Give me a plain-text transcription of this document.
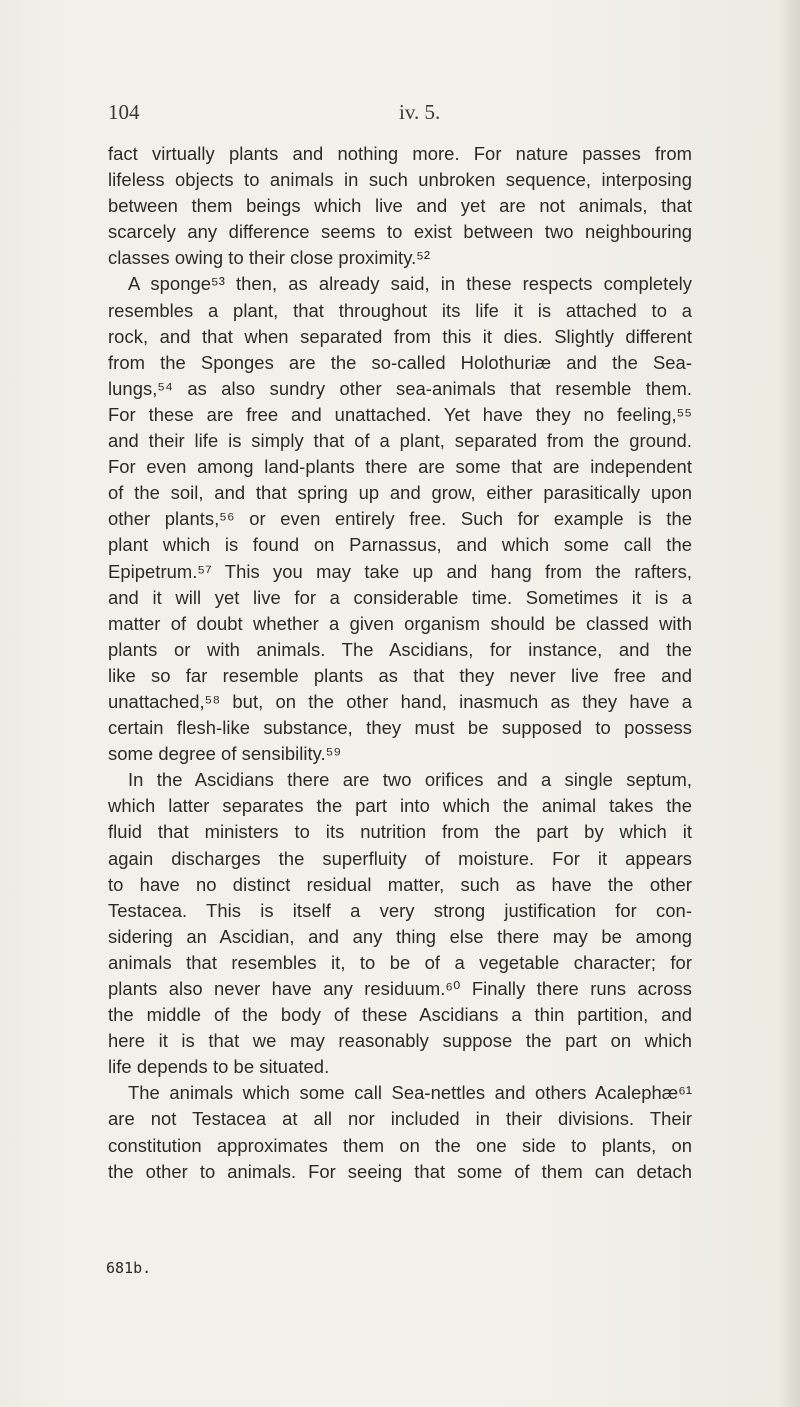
104	iv. 5.
fact virtually plants and nothing more. For nature passes from
lifeless objects to animals in such unbroken sequence, interposing
between them beings which live and yet are not animals, that
scarcely any difference seems to exist between two neighbouring
classes owing to their close proximity.⁵²
A sponge⁵³ then, as already said, in these respects completely
resembles a plant, that throughout its life it is attached to a
rock, and that when separated from this it dies. Slightly different
from the Sponges are the so-called Holothuriæ and the Sea-
lungs,⁵⁴ as also sundry other sea-animals that resemble them.
For these are free and unattached. Yet have they no feeling,⁵⁵
and their life is simply that of a plant, separated from the ground.
For even among land-plants there are some that are independent
of the soil, and that spring up and grow, either parasitically upon
other plants,⁵⁶ or even entirely free. Such for example is the
plant which is found on Parnassus, and which some call the
Epipetrum.⁵⁷ This you may take up and hang from the rafters,
and it will yet live for a considerable time. Sometimes it is a
matter of doubt whether a given organism should be classed with
plants or with animals. The Ascidians, for instance, and the
like so far resemble plants as that they never live free and
unattached,⁵⁸ but, on the other hand, inasmuch as they have a
certain flesh-like substance, they must be supposed to possess
some degree of sensibility.⁵⁹
In the Ascidians there are two orifices and a single septum,
which latter separates the part into which the animal takes the
fluid that ministers to its nutrition from the part by which it
again discharges the superfluity of moisture. For it appears
to have no distinct residual matter, such as have the other
Testacea. This is itself a very strong justification for con-
sidering an Ascidian, and any thing else there may be among
animals that resembles it, to be of a vegetable character; for
plants also never have any residuum.⁶⁰ Finally there runs across
the middle of the body of these Ascidians a thin partition, and
here it is that we may reasonably suppose the part on which
life depends to be situated.
The animals which some call Sea-nettles and others Acalephæ⁶¹
are not Testacea at all nor included in their divisions. Their
constitution approximates them on the one side to plants, on
the other to animals. For seeing that some of them can detach
681b.
